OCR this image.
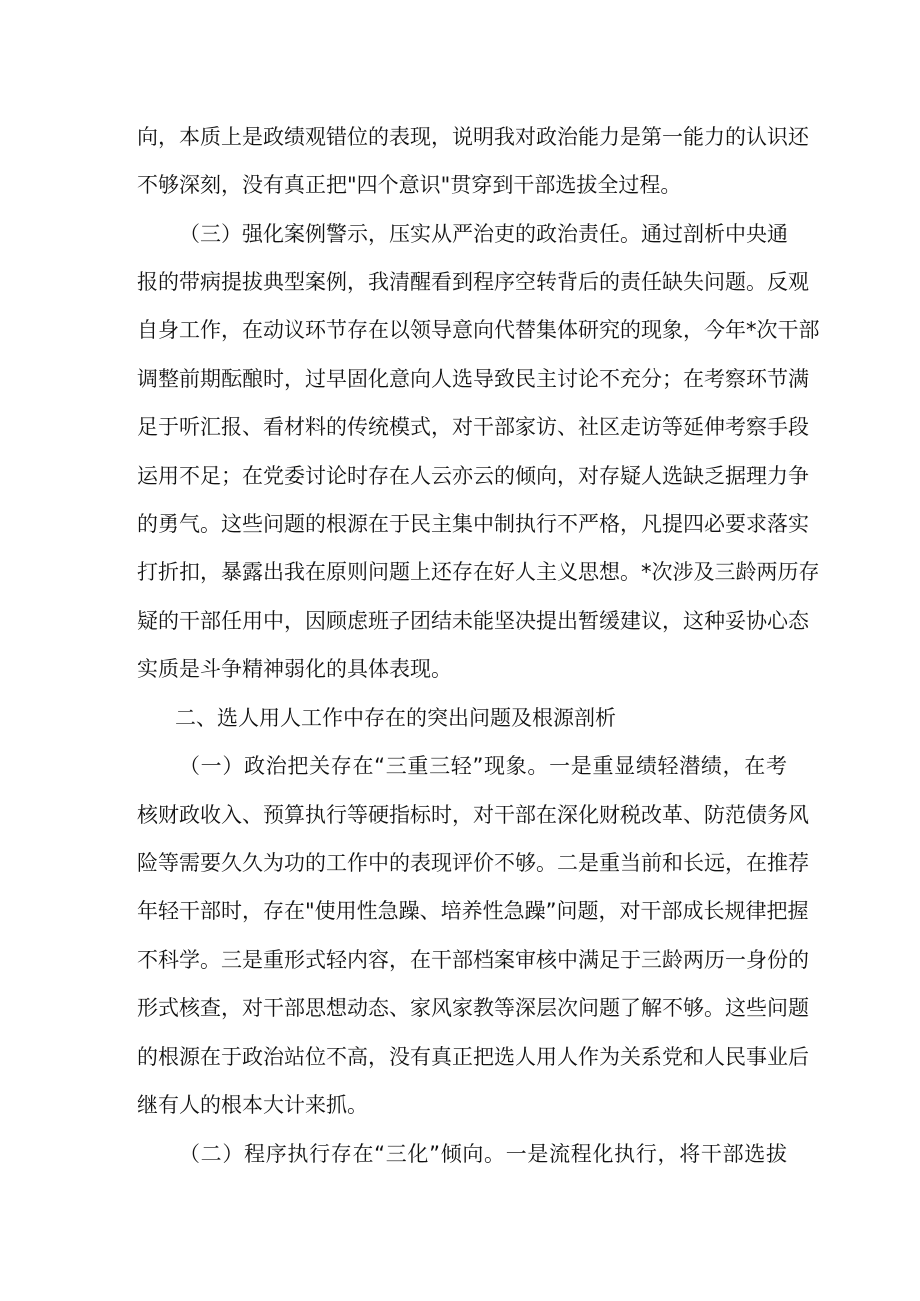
向，本质上是政绩观错位的表现，说明我对政治能力是第一能力的认识还
不够深刻，没有真正把"四个意识"贯穿到干部选拔全过程。
（三）强化案例警示，压实从严治吏的政治责任。通过剖析中央通
报的带病提拔典型案例，我清醒看到程序空转背后的责任缺失问题。反观
自身工作，在动议环节存在以领导意向代替集体研究的现象，今年*次干部
调整前期酝酿时，过早固化意向人选导致民主讨论不充分；在考察环节满
足于听汇报、看材料的传统模式，对干部家访、社区走访等延伸考察手段
运用不足；在党委讨论时存在人云亦云的倾向，对存疑人选缺乏据理力争
的勇气。这些问题的根源在于民主集中制执行不严格，凡提四必要求落实
打折扣，暴露出我在原则问题上还存在好人主义思想。*次涉及三龄两历存
疑的干部任用中，因顾虑班子团结未能坚决提出暂缓建议，这种妥协心态
实质是斗争精神弱化的具体表现。
二、选人用人工作中存在的突出问题及根源剖析
（一）政治把关存在“三重三轻”现象。一是重显绩轻潜绩，在考
核财政收入、预算执行等硬指标时，对干部在深化财税改革、防范债务风
险等需要久久为功的工作中的表现评价不够。二是重当前和长远，在推荐
年轻干部时，存在"使用性急躁、培养性急躁”问题，对干部成长规律把握
不科学。三是重形式轻内容，在干部档案审核中满足于三龄两历一身份的
形式核查，对干部思想动态、家风家教等深层次问题了解不够。这些问题
的根源在于政治站位不高，没有真正把选人用人作为关系党和人民事业后
继有人的根本大计来抓。
（二）程序执行存在“三化”倾向。一是流程化执行，将干部选拔
